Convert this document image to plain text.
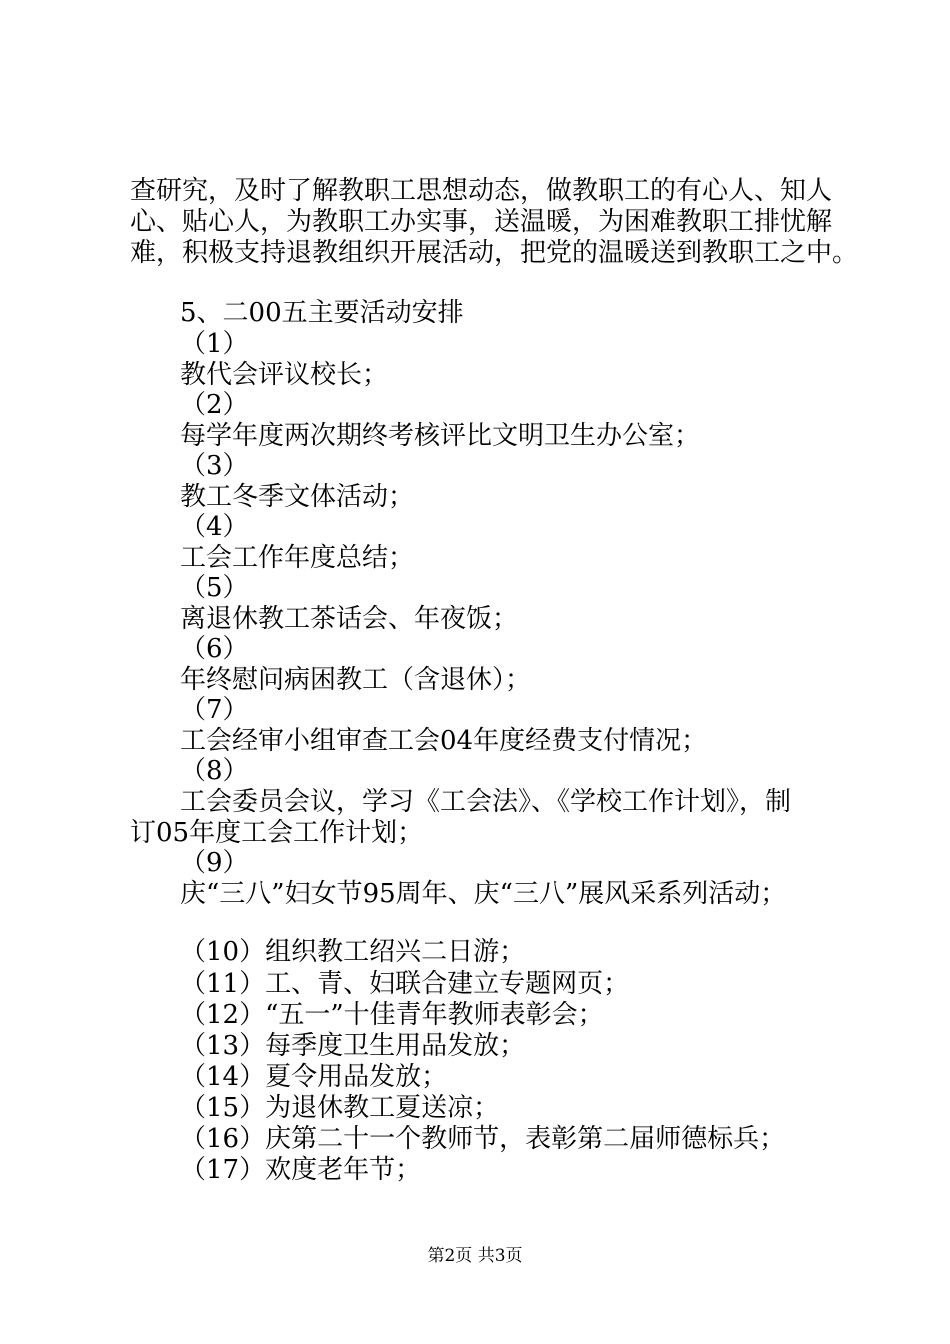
查研究，及时了解教职工思想动态，做教职工的有心人、知人
心、贴心人，为教职工办实事，送温暖，为困难教职工排忧解
难，积极支持退教组织开展活动，把党的温暖送到教职工之中。
5、二00五主要活动安排
（1）
教代会评议校长；
（2）
每学年度两次期终考核评比文明卫生办公室；
（3）
教工冬季文体活动；
（4）
工会工作年度总结；
（5）
离退休教工茶话会、年夜饭；
（6）
年终慰问病困教工（含退休）；
（7）
工会经审小组审查工会04年度经费支付情况；
（8）
工会委员会议，学习《工会法》、《学校工作计划》，制
订05年度工会工作计划；
（9）
庆“三八”妇女节95周年、庆“三八”展风采系列活动；
（10）组织教工绍兴二日游；
（11）工、青、妇联合建立专题网页；
（12）“五一”十佳青年教师表彰会；
（13）每季度卫生用品发放；
（14）夏令用品发放；
（15）为退休教工夏送凉；
（16）庆第二十一个教师节，表彰第二届师德标兵；
（17）欢度老年节；
第2页 共3页
